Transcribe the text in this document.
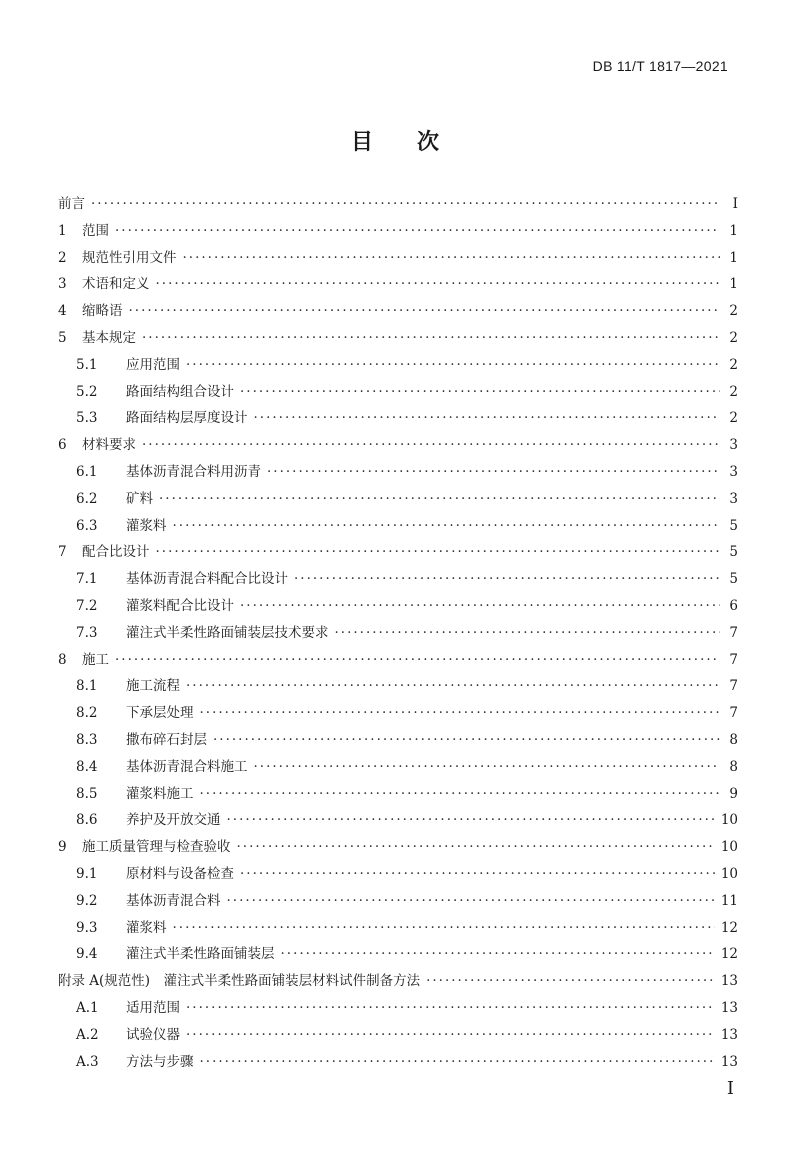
DB 11/T 1817—2021
目　　次
前言 ·····	I
1	范围 ·····	1
2	规范性引用文件 ·····	1
3	术语和定义 ·····	1
4	缩略语 ·····	2
5	基本规定 ·····	2
5.1	应用范围 ·····	2
5.2	路面结构组合设计 ·····	2
5.3	路面结构层厚度设计 ·····	2
6	材料要求 ·····	3
6.1	基体沥青混合料用沥青 ·····	3
6.2	矿料 ·····	3
6.3	灌浆料 ·····	5
7	配合比设计 ·····	5
7.1	基体沥青混合料配合比设计 ·····	5
7.2	灌浆料配合比设计 ·····	6
7.3	灌注式半柔性路面铺装层技术要求 ·····	7
8	施工 ·····	7
8.1	施工流程 ·····	7
8.2	下承层处理 ·····	7
8.3	撒布碎石封层 ·····	8
8.4	基体沥青混合料施工 ·····	8
8.5	灌浆料施工 ·····	9
8.6	养护及开放交通 ·····	10
9	施工质量管理与检查验收 ·····	10
9.1	原材料与设备检查 ·····	10
9.2	基体沥青混合料 ·····	11
9.3	灌浆料 ·····	12
9.4	灌注式半柔性路面铺装层 ·····	12
附录 A(规范性)　灌注式半柔性路面铺装层材料试件制备方法 ·····	13
A.1	适用范围 ·····	13
A.2	试验仪器 ·····	13
A.3	方法与步骤 ·····	13
I
